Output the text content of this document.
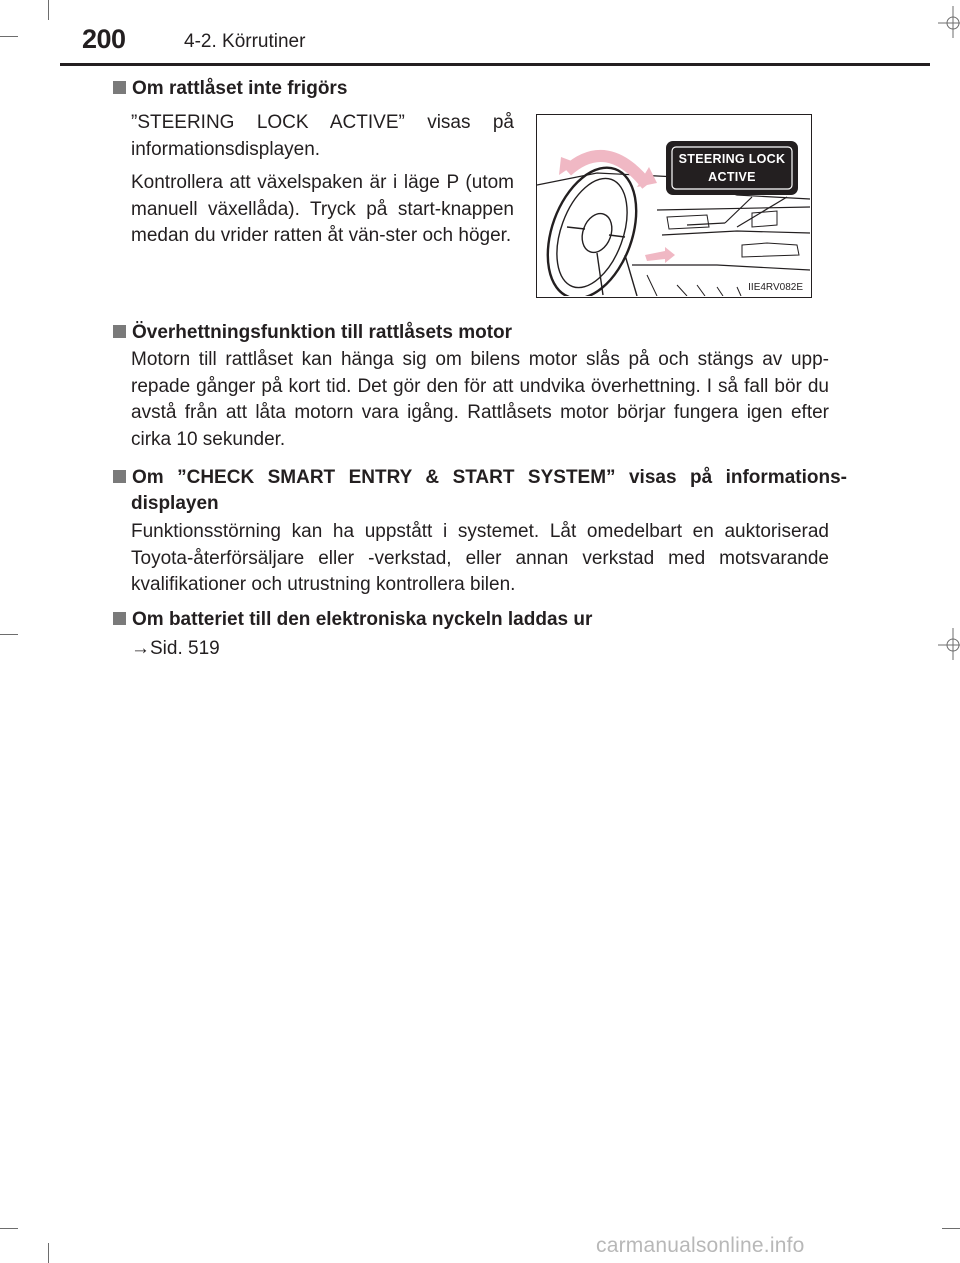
200	4-2. Körrutiner
Om rattlåset inte frigörs
”STEERING LOCK ACTIVE” visas på informationsdisplayen.
Kontrollera att växelspaken är i läge P (utom manuell växellåda). Tryck på start-knappen medan du vrider ratten åt vän-ster och höger.
STEERING LOCK
ACTIVE
IIE4RV082E
Överhettningsfunktion till rattlåsets motor
Motorn till rattlåset kan hänga sig om bilens motor slås på och stängs av upp-repade gånger på kort tid. Det gör den för att undvika överhettning. I så fall bör du avstå från att låta motorn vara igång. Rattlåsets motor börjar fungera igen efter cirka 10 sekunder.
Om ”CHECK SMART ENTRY & START SYSTEM” visas på informations-displayen
Funktionsstörning kan ha uppstått i systemet. Låt omedelbart en auktoriserad Toyota-återförsäljare eller -verkstad, eller annan verkstad med motsvarande kvalifikationer och utrustning kontrollera bilen.
Om batteriet till den elektroniska nyckeln laddas ur
→Sid. 519
carmanualsonline.info
